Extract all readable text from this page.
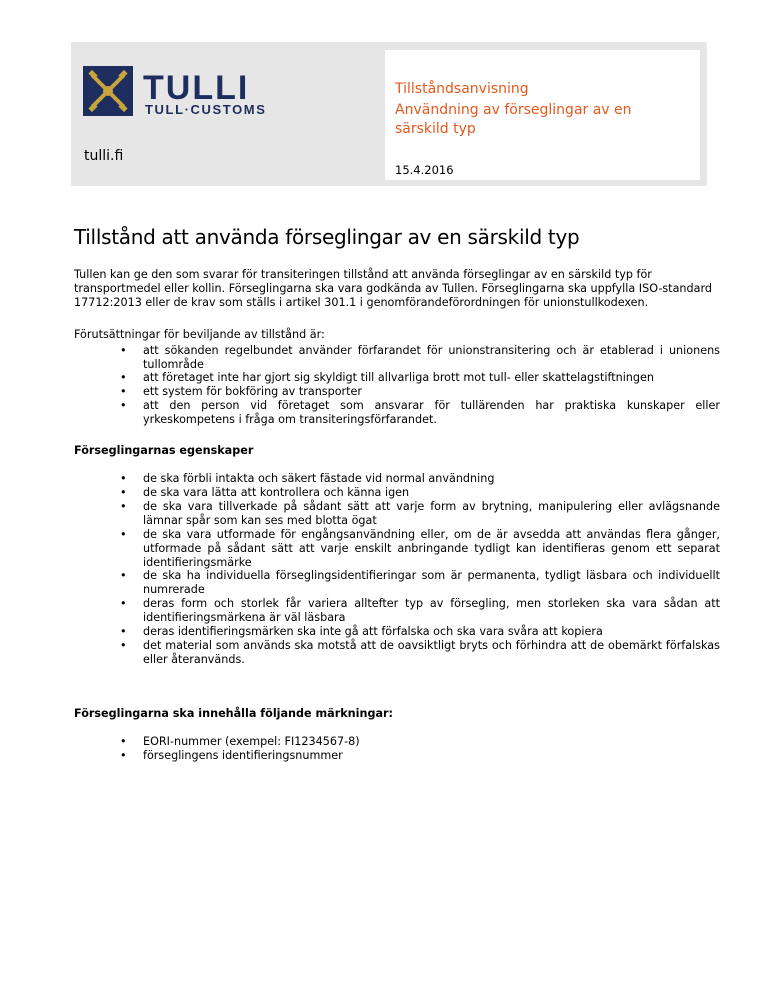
TULLI
TULL·CUSTOMS
tulli.fi
Tillståndsanvisning
Användning av förseglingar av en särskild typ
15.4.2016
Tillstånd att använda förseglingar av en särskild typ

Tullen kan ge den som svarar för transiteringen tillstånd att använda förseglingar av en särskild typ för transportmedel eller kollin. Förseglingarna ska vara godkända av Tullen. Förseglingarna ska uppfylla ISO-standard 17712:2013 eller de krav som ställs i artikel 301.1 i genomförandeförordningen för unionstullkodexen.

Förutsättningar för beviljande av tillstånd är:

• att sökanden regelbundet använder förfarandet för unionstransitering och är etablerad i unionens tullområde
• att företaget inte har gjort sig skyldigt till allvarliga brott mot tull- eller skattelagstiftningen
• ett system för bokföring av transporter
• att den person vid företaget som ansvarar för tullärenden har praktiska kunskaper eller yrkeskompetens i fråga om transiteringsförfarandet.
Förseglingarnas egenskaper
• de ska förbli intakta och säkert fästade vid normal användning
• de ska vara lätta att kontrollera och känna igen
• de ska vara tillverkade på sådant sätt att varje form av brytning, manipulering eller avlägsnande lämnar spår som kan ses med blotta ögat
• de ska vara utformade för engångsanvändning eller, om de är avsedda att användas flera gånger, utformade på sådant sätt att varje enskilt anbringande tydligt kan identifieras genom ett separat identifieringsmärke
• de ska ha individuella förseglingsidentifieringar som är permanenta, tydligt läsbara och individuellt numrerade
• deras form och storlek får variera alltefter typ av försegling, men storleken ska vara sådan att identifieringsmärkena är väl läsbara
• deras identifieringsmärken ska inte gå att förfalska och ska vara svåra att kopiera
• det material som används ska motstå att de oavsiktligt bryts och förhindra att de obemärkt förfalskas eller återanvänds.
Förseglingarna ska innehålla följande märkningar:
• EORI-nummer (exempel: FI1234567-8)
• förseglingens identifieringsnummer
